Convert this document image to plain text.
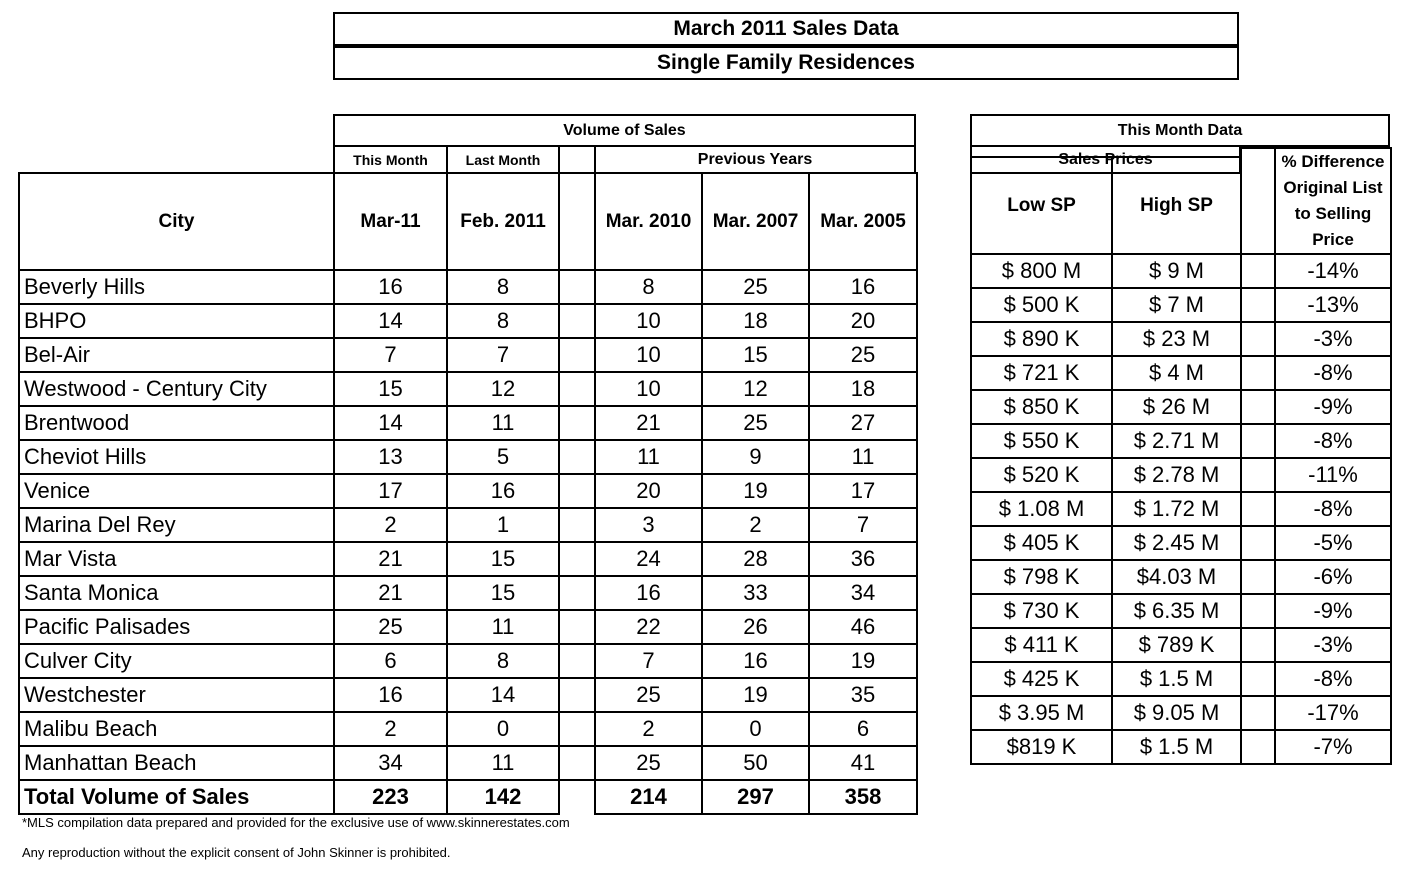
March 2011 Sales Data
Single Family Residences
Volume of Sales
This Month	Last Month	Previous Years
This Month Data
Sales Prices
City	Mar-11	Feb. 2011		Mar. 2010	Mar. 2007	Mar. 2005
Beverly Hills	16	8		8	25	16
BHPO	14	8		10	18	20
Bel-Air	7	7		10	15	25
Westwood - Century City	15	12		10	12	18
Brentwood	14	11		21	25	27
Cheviot Hills	13	5		11	9	11
Venice	17	16		20	19	17
Marina Del Rey	2	1		3	2	7
Mar Vista	21	15		24	28	36
Santa Monica	21	15		16	33	34
Pacific Palisades	25	11		22	26	46
Culver City	6	8		7	16	19
Westchester	16	14		25	19	35
Malibu Beach	2	0		2	0	6
Manhattan Beach	34	11		25	50	41
Total Volume of Sales	223	142		214	297	358
			% Difference Original List to Selling Price
Low SP	High SP		
$ 800 M	$ 9 M		-14%
$ 500 K	$ 7 M		-13%
$ 890 K	$ 23 M		-3%
$ 721 K	$ 4 M		-8%
$ 850 K	$ 26 M		-9%
$ 550 K	$ 2.71 M		-8%
$ 520 K	$ 2.78 M		-11%
$ 1.08 M	$ 1.72 M		-8%
$ 405 K	$ 2.45 M		-5%
$ 798 K	$4.03 M		-6%
$ 730 K	$ 6.35 M		-9%
$ 411 K	$ 789 K		-3%
$ 425 K	$ 1.5 M		-8%
$ 3.95 M	$ 9.05 M		-17%
$819 K	$ 1.5 M		-7%
*MLS compilation data prepared and provided for the exclusive use of www.skinnerestates.com
Any reproduction without the explicit consent of John Skinner is prohibited.
